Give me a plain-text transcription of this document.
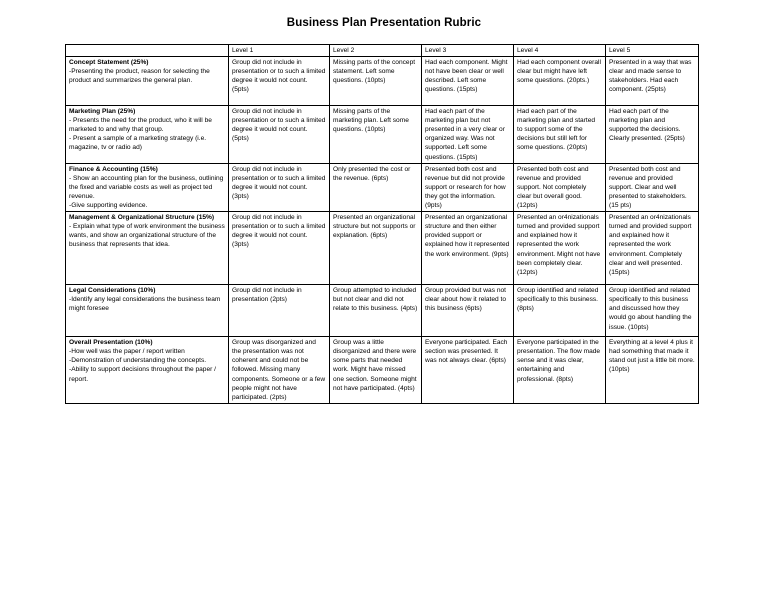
Business Plan Presentation Rubric
	Level 1	Level 2	Level 3	Level 4	Level 5

Concept Statement (25%)
-Presenting the product, reason for selecting the product and summarizes the general plan.	Group did not include in presentation or to such a limited degree it would not count. (5pts)	Missing parts of the concept statement. Left some questions. (10pts)	Had each component. Might not have been clear or well described. Left some questions. (15pts)	Had each component overall clear but might have left some questions. (20pts.)	Presented in a way that was clear and made sense to stakeholders. Had each component. (25pts)

Marketing Plan (25%)
- Presents the need for the product, who it will be marketed to and why that group.
- Present a sample of a marketing strategy (i.e. magazine, tv or radio ad)	Group did not include in presentation or to such a limited degree it would not count. (5pts)	Missing parts of the marketing plan. Left some questions. (10pts)	Had each part of the marketing plan but not presented in a very clear or organized way. Was not supported. Left some questions. (15pts)	Had each part of the marketing plan and started to support some of the decisions but still left for some questions. (20pts)	Had each part of the marketing plan and supported the decisions. Clearly presented. (25pts)

Finance & Accounting (15%)
- Show an accounting plan for the business, outlining the fixed and variable costs as well as project ted revenue.
-Give supporting evidence.	Group did not include in presentation or to such a limited degree it would not count. (3pts)	Only presented the cost or the revenue. (6pts)	Presented both cost and revenue but did not provide support or research for how they got the information. (9pts)	Presented both cost and revenue and provided support. Not completely clear but overall good. (12pts)	Presented both cost and revenue and provided support. Clear and well presented to stakeholders. (15 pts)

Management & Organizational Structure (15%)
- Explain what type of work environment the business wants, and show an organizational structure of the business that represents that idea.	Group did not include in presentation or to such a limited degree it would not count. (3pts)	Presented an organizational structure but not supports or explanation. (6pts)	Presented an organizational structure and then either provided support or explained how it represented the work environment. (9pts)	Presented an or4nizationals turned and provided support and explained how it represented the work environment. Might not have been completely clear. (12pts)	Presented an or4nizationals turned and provided support and explained how it represented the work environment. Completely clear and well presented. (15pts)

Legal Considerations (10%)
-Identify any legal considerations the business team might foresee	Group did not include in presentation (2pts)	Group attempted to included but not clear and did not relate to this business. (4pts)	Group provided but was not clear about how it related to this business (6pts)	Group identified and related specifically to this business. (8pts)	Group identified and related specifically to this business and discussed how they would go about handling the issue. (10pts)

Overall Presentation (10%)
-How well was the paper / report written
-Demonstration of understanding the concepts.
-Ability to support decisions throughout the paper / report.	Group was disorganized and the presentation was not coherent and could not be followed. Missing many components. Someone or a few people might not have participated. (2pts)	Group was a little disorganized and there were some parts that needed work. Might have missed one section. Someone might not have participated. (4pts)	Everyone participated. Each section was presented. It was not always clear. (6pts)	Everyone participated in the presentation. The flow made sense and it was clear, entertaining and professional. (8pts)	Everything at a level 4 plus it had something that made it stand out just a little bit more. (10pts)
